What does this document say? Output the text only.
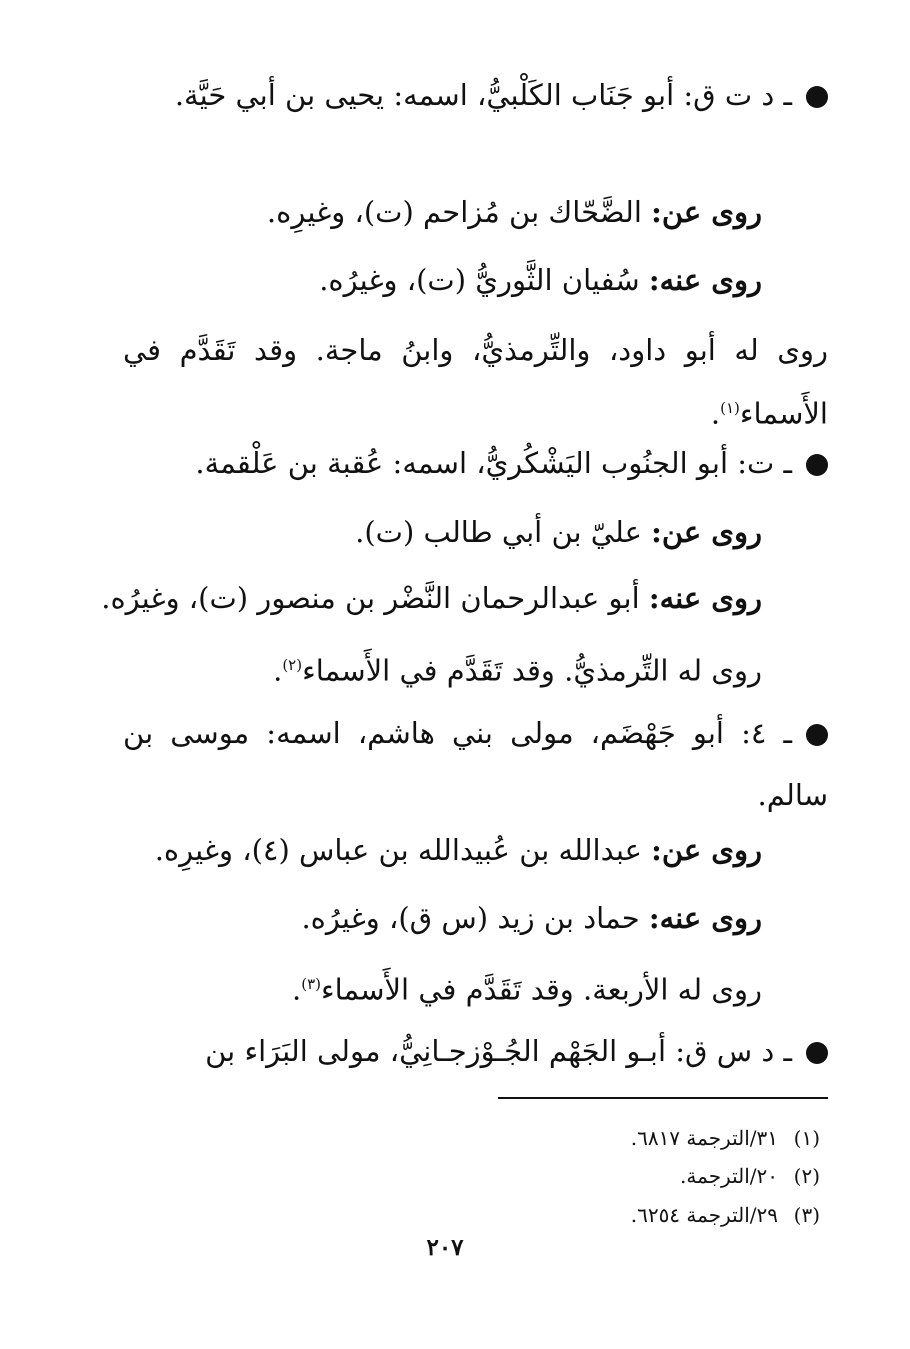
ـ د ت ق: أبو جَنَاب الكَلْبيُّ، اسمه: يحيى بن أبي حَيَّة.
روى عن: الضَّحّاك بن مُزاحم (ت)، وغيرِه.
روى عنه: سُفيان الثَّوريُّ (ت)، وغيرُه.
روى له أبو داود، والتِّرمذيُّ، وابنُ ماجة. وقد تَقَدَّم في الأَسماء$^{(١)}$.
ـ ت: أبو الجنُوب اليَشْكُريُّ، اسمه: عُقبة بن عَلْقمة.
روى عن: عليّ بن أبي طالب (ت).
روى عنه: أبو عبدالرحمان النَّضْر بن منصور (ت)، وغيرُه.
روى له التِّرمذيُّ. وقد تَقَدَّم في الأَسماء$^{(٢)}$.
ـ ٤: أبو جَهْضَم، مولى بني هاشم، اسمه: موسى بن سالم.
روى عن: عبدالله بن عُبيدالله بن عباس (٤)، وغيرِه.
روى عنه: حماد بن زيد (س ق)، وغيرُه.
روى له الأربعة. وقد تَقَدَّم في الأَسماء$^{(٣)}$.
ـ د س ق: أبـو الجَهْم الجُـوْزجـانِيُّ، مولى البَرَاء بن
(١)٣١/الترجمة ٦٨١٧.
(٢)٢٠/الترجمة.
(٣)٢٩/الترجمة ٦٢٥٤.
٢٠٧
